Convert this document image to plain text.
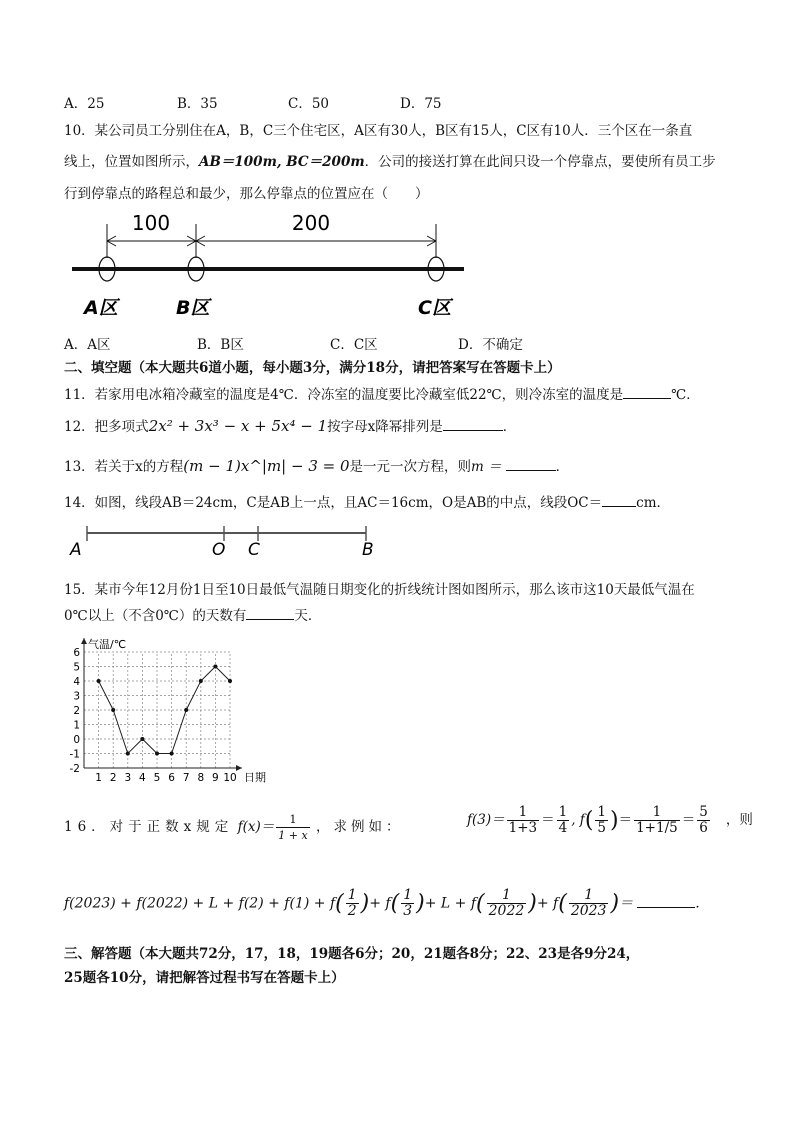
A．25	B．35	C．50	D．75
10．某公司员工分别住在A，B，C三个住宅区，A区有30人，B区有15人，C区有10人．三个区在一条直
线上，位置如图所示，AB＝100m, BC＝200m．公司的接送打算在此间只设一个停靠点，要使所有员工步
行到停靠点的路程总和最少，那么停靠点的位置应在（　　）
100	200
A区	B区	C区
A．A区	B．B区	C．C区	D．不确定
二、填空题（本大题共6道小题，每小题3分，满分18分，请把答案写在答题卡上）
11．若家用电冰箱冷藏室的温度是4℃．冷冻室的温度要比冷藏室低22℃，则冷冻室的温度是	℃．
12．把多项式2x² + 3x³ − x + 5x⁴ − 1按字母x降幂排列是	．
13．若关于x的方程(m − 1)x^|m| − 3 = 0是一元一次方程，则m ＝	．
14．如图，线段AB＝24cm，C是AB上一点，且AC＝16cm，O是AB的中点，线段OC＝	cm．
A	O C	B
15．某市今年12月份1日至10日最低气温随日期变化的折线统计图如图所示，那么该市这10天最低气温在
0℃以上（不含0℃）的天数有	天．
1 2 3 4 5 6 7 8 9 10
-2
-1
0
1
2
3
4
5
6
气温/℃
日期
16．对于正数x规定 $f(x)= \frac{1}{1 + x}$ ，求例如：	$f(3)= \frac{1}{1+3} = \frac{1}{4}$ , $f( \frac{1}{5}$ )＝ $\frac{1}{1+1/5} = \frac{5}{6}$ ，则
$f(2023) + f(2022) + L + f(2) + f(1) + f( \frac{1}{2}$ )+ $f( \frac{1}{3}$ )+ $L + f( \frac{1}{2022}$ )+ $f( \frac{1}{2023}$ )＝	．
三、解答题（本大题共72分，17，18，19题各6分；20，21题各8分；22、23是各9分24，
25题各10分，请把解答过程书写在答题卡上）
